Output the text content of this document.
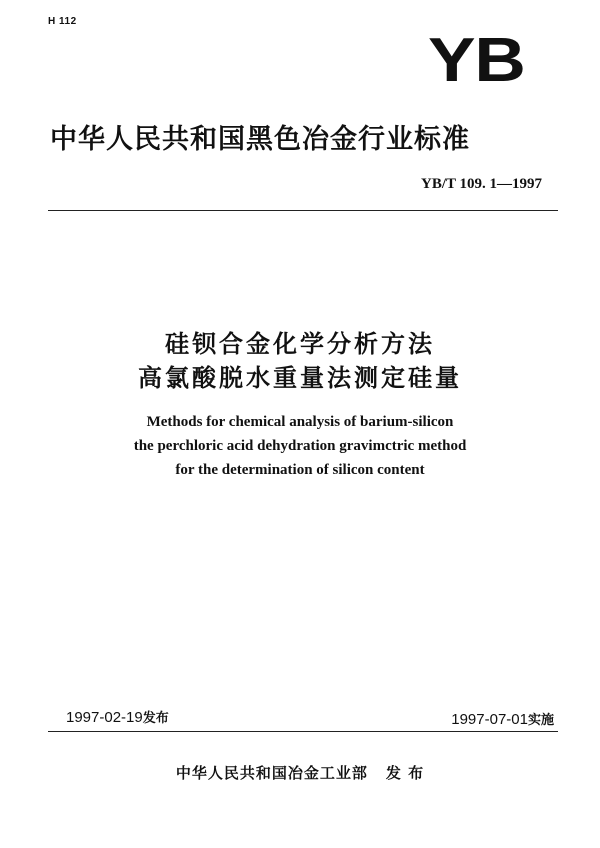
H 112
YB
中华人民共和国黑色冶金行业标准
YB/T 109. 1—1997
硅钡合金化学分析方法
高氯酸脱水重量法测定硅量
Methods for chemical analysis of barium-silicon
the perchloric acid dehydration gravimctric method
for the determination of silicon content
1997-02-19发布	1997-07-01实施
中华人民共和国冶金工业部 发 布
